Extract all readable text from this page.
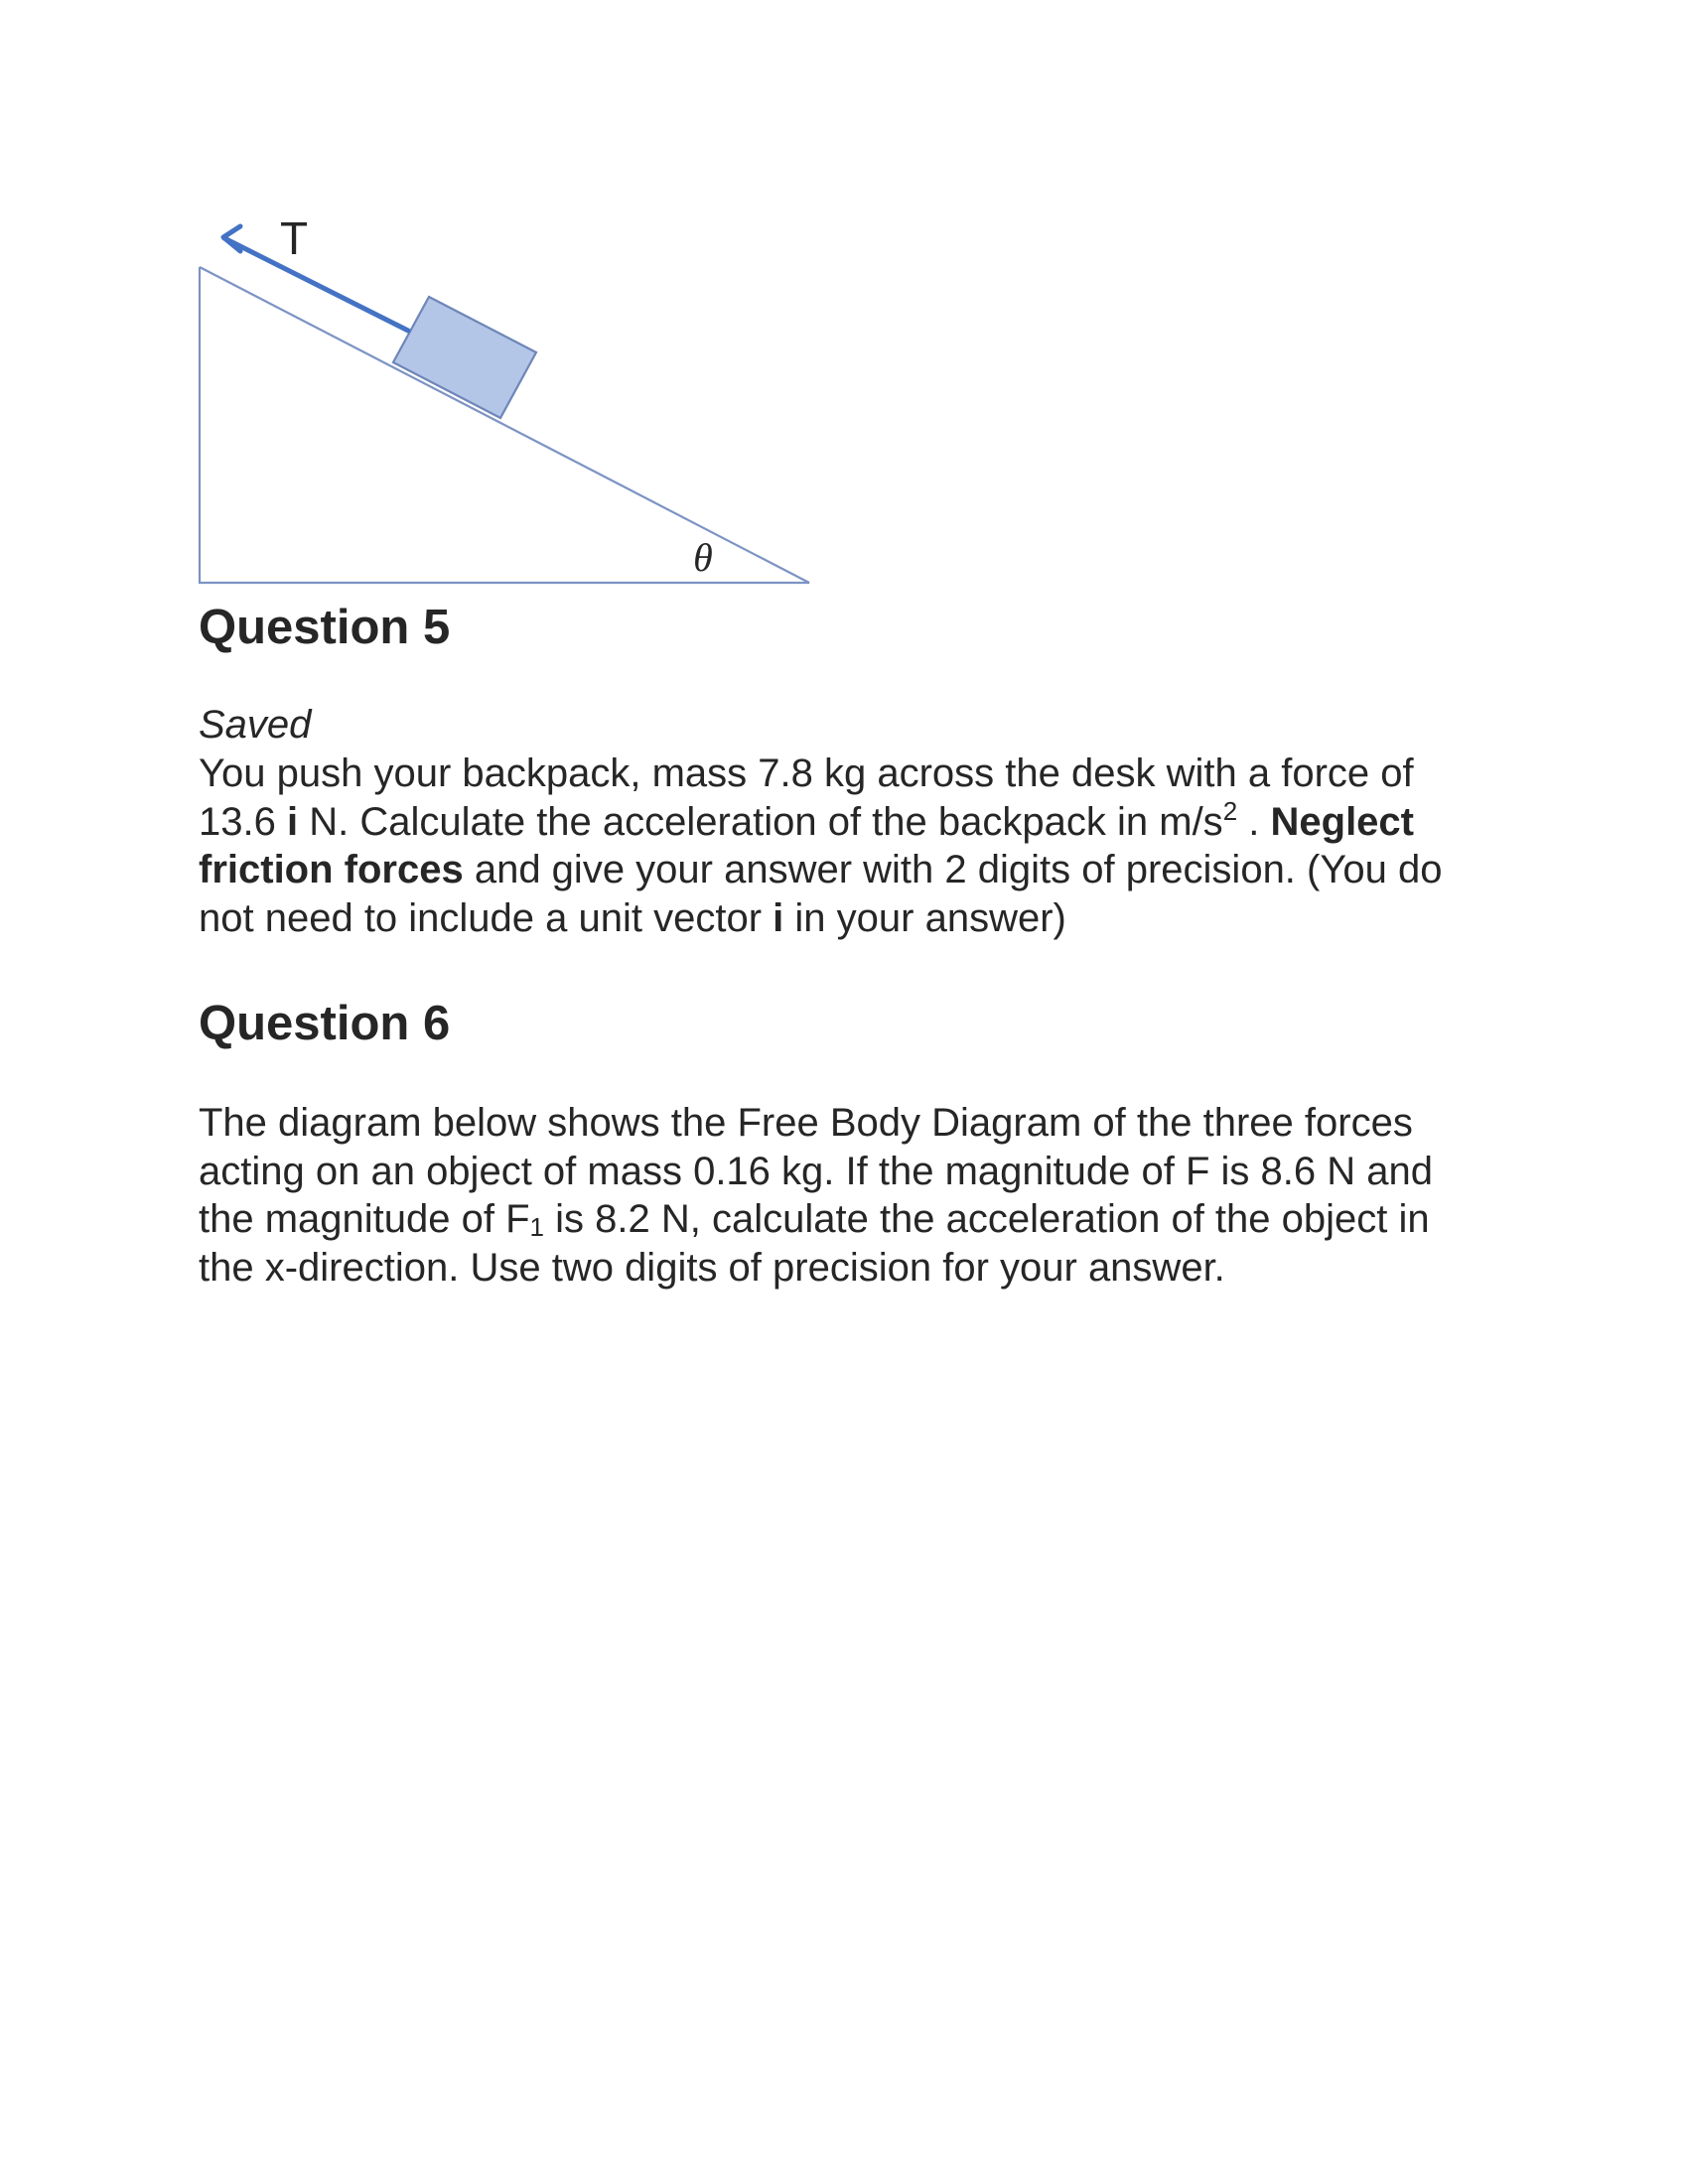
T
θ
Question 5
Saved

You push your backpack, mass 7.8 kg across the desk with a force of 13.6 i N. Calculate the acceleration of the backpack in $m/s^2$ . Neglect friction forces and give your answer with 2 digits of precision. (You do not need to include a unit vector i in your answer)

Question 6

The diagram below shows the Free Body Diagram of the three forces acting on an object of mass 0.16 kg. If the magnitude of F is 8.6 N and the magnitude of $F_1$ is 8.2 N, calculate the acceleration of the object in the x-direction. Use two digits of precision for your answer.
